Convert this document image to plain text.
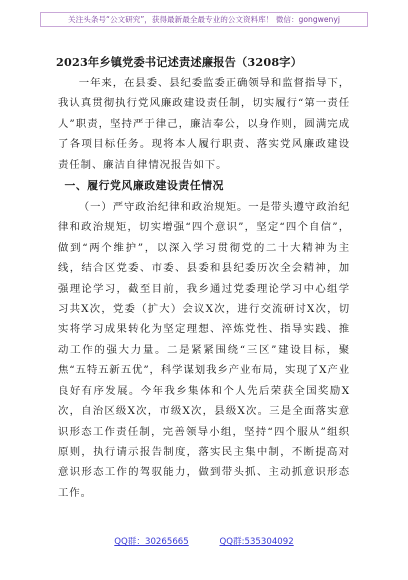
关注头条号“公文研究”，获得最新最全最专业的公文资料库！ 微信：gongwenyj
2023年乡镇党委书记述责述廉报告（3208字）

一年来，在县委、县纪委监委正确领导和监督指导下，我认真贯彻执行党风廉政建设责任制，切实履行“第一责任人”职责，坚持严于律己，廉洁奉公，以身作则，圆满完成了各项目标任务。现将本人履行职责、落实党风廉政建设责任制、廉洁自律情况报告如下。

一、履行党风廉政建设责任情况

（一）严守政治纪律和政治规矩。一是带头遵守政治纪律和政治规矩，切实增强“四个意识”，坚定“四个自信”，做到“两个维护”，以深入学习贯彻党的二十大精神为主线，结合区党委、市委、县委和县纪委历次全会精神，加强理论学习，截至目前，我乡通过党委理论学习中心组学习共X次，党委（扩大）会议X次，进行交流研讨X次，切实将学习成果转化为坚定理想、淬炼党性、指导实践、推动工作的强大力量。二是紧紧围绕“三区”建设目标，聚焦“五特五新五优”，科学谋划我乡产业布局，实现了X产业良好有序发展。今年我乡集体和个人先后荣获全国奖励X次，自治区级X次，市级X次，县级X次。三是全面落实意识形态工作责任制，完善领导小组，坚持“四个服从”组织原则，执行请示报告制度，落实民主集中制，不断提高对意识形态工作的驾驭能力，做到带头抓、主动抓意识形态工作。

QQ群：30265665	QQ群:535304092
